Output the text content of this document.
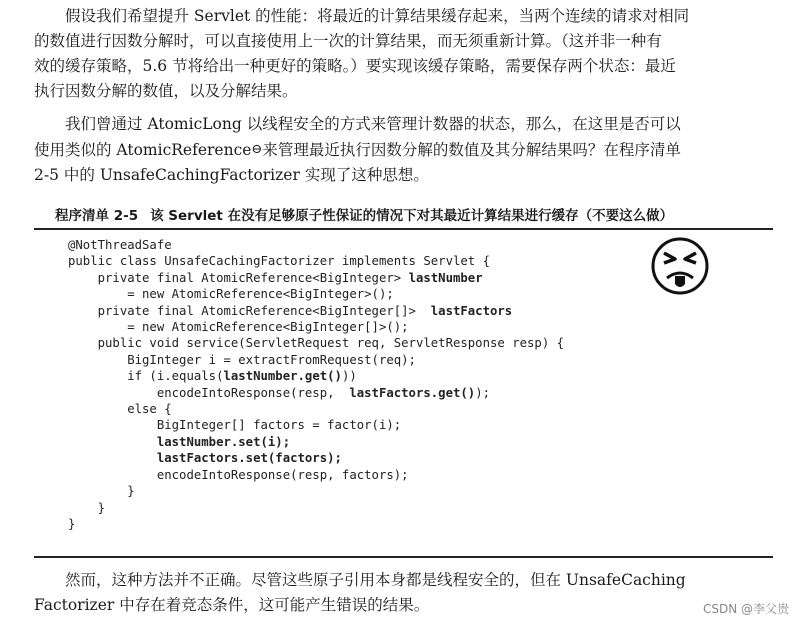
假设我们希望提升 Servlet 的性能：将最近的计算结果缓存起来，当两个连续的请求对相同
的数值进行因数分解时，可以直接使用上一次的计算结果，而无须重新计算。（这并非一种有
效的缓存策略，5.6 节将给出一种更好的策略。）要实现该缓存策略，需要保存两个状态：最近
执行因数分解的数值，以及分解结果。

我们曾通过 AtomicLong 以线程安全的方式来管理计数器的状态，那么，在这里是否可以
使用类似的 AtomicReference⊖来管理最近执行因数分解的数值及其分解结果吗？在程序清单
2-5 中的 UnsafeCachingFactorizer 实现了这种思想。

程序清单 2-5 该 Servlet 在没有足够原子性保证的情况下对其最近计算结果进行缓存（不要这么做）
@NotThreadSafe
public class UnsafeCachingFactorizer implements Servlet {
private final AtomicReference<BigInteger> lastNumber
= new AtomicReference<BigInteger>();
private final AtomicReference<BigInteger[]>  lastFactors
= new AtomicReference<BigInteger[]>();
public void service(ServletRequest req, ServletResponse resp) {
BigInteger i = extractFromRequest(req);
if (i.equals(lastNumber.get()))
encodeIntoResponse(resp,  lastFactors.get());
else {
BigInteger[] factors = factor(i);
lastNumber.set(i);
lastFactors.set(factors);
encodeIntoResponse(resp, factors);
}
}
}

然而，这种方法并不正确。尽管这些原子引用本身都是线程安全的，但在 UnsafeCaching
Factorizer 中存在着竞态条件，这可能产生错误的结果。	CSDN @李父贵
